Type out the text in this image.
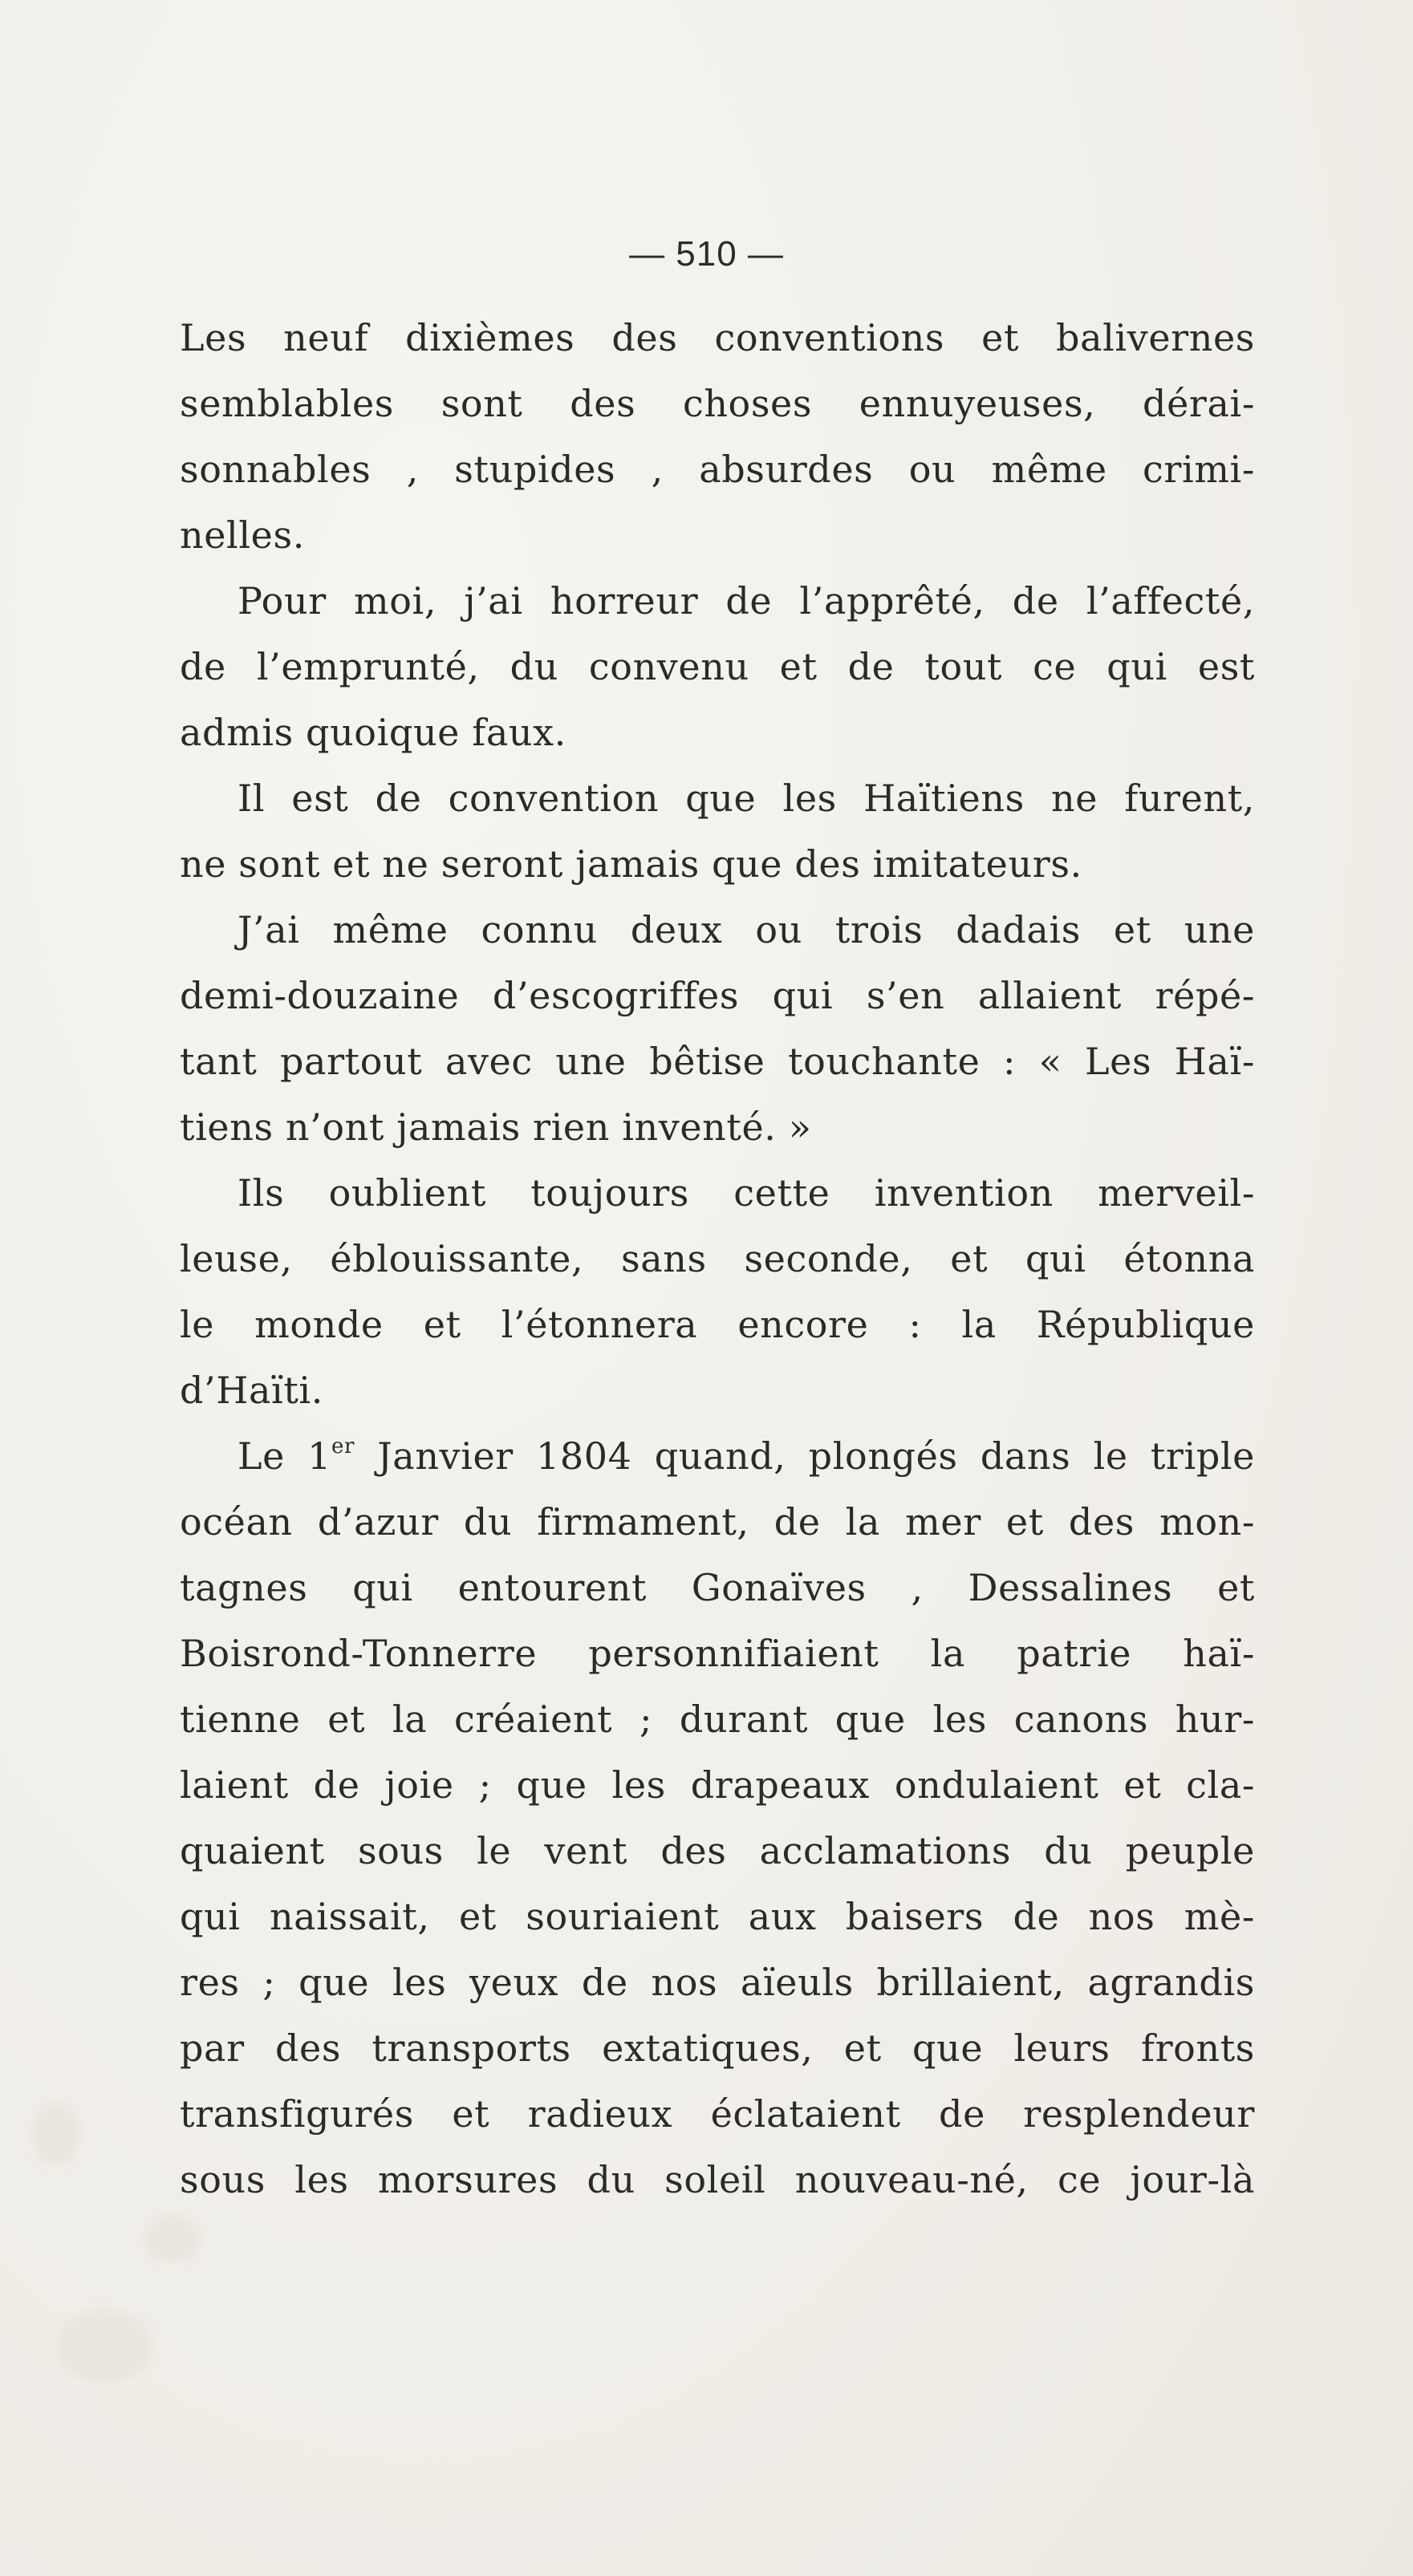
— 510 —
Les neuf dixièmes des conventions et balivernes
semblables sont des choses ennuyeuses, dérai-
sonnables , stupides , absurdes ou même crimi-
nelles.
Pour moi, j’ai horreur de l’apprêté, de l’affecté,
de l’emprunté, du convenu et de tout ce qui est
admis quoique faux.
Il est de convention que les Haïtiens ne furent,
ne sont et ne seront jamais que des imitateurs.
J’ai même connu deux ou trois dadais et une
demi-douzaine d’escogriffes qui s’en allaient répé-
tant partout avec une bêtise touchante : « Les Haï-
tiens n’ont jamais rien inventé. »
Ils oublient toujours cette invention merveil-
leuse, éblouissante, sans seconde, et qui étonna
le monde et l’étonnera encore : la République
d’Haïti.
Le 1er Janvier 1804 quand, plongés dans le triple
océan d’azur du firmament, de la mer et des mon-
tagnes qui entourent Gonaïves , Dessalines et
Boisrond-Tonnerre personnifiaient la patrie haï-
tienne et la créaient ; durant que les canons hur-
laient de joie ; que les drapeaux ondulaient et cla-
quaient sous le vent des acclamations du peuple
qui naissait, et souriaient aux baisers de nos mè-
res ; que les yeux de nos aïeuls brillaient, agrandis
par des transports extatiques, et que leurs fronts
transfigurés et radieux éclataient de resplendeur
sous les morsures du soleil nouveau-né, ce jour-là
